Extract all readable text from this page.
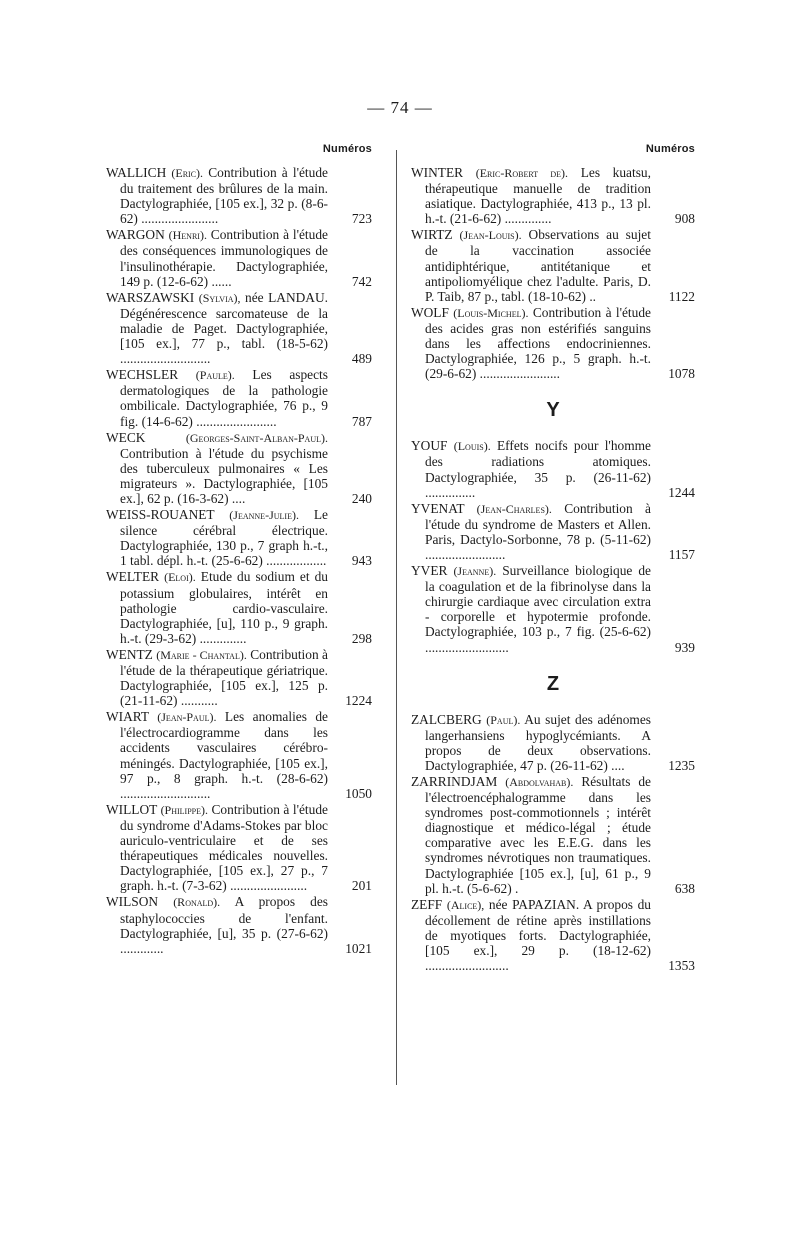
— 74 —
Numéros
WALLICH (Eric). Contribution à l'étude du traitement des brûlures de la main. Dactylographiée, [105 ex.], 32 p. (8-6-62) .......................	723
WARGON (Henri). Contribution à l'étude des conséquences immunologiques de l'insulinothérapie. Dactylographiée, 149 p. (12-6-62) ......	742
WARSZAWSKI (Sylvia), née LANDAU. Dégénérescence sarcomateuse de la maladie de Paget. Dactylographiée, [105 ex.], 77 p., tabl. (18-5-62) ...........................	489
WECHSLER (Paule). Les aspects dermatologiques de la pathologie ombilicale. Dactylographiée, 76 p., 9 fig. (14-6-62) ........................	787
WECK	(Georges-Saint-Alban-Paul). Contribution à l'étude du psychisme des tuberculeux pulmonaires « Les migrateurs ». Dactylographiée, [105 ex.], 62 p. (16-3-62) ....	240
WEISS-ROUANET (Jeanne-Julie). Le silence cérébral électrique. Dactylographiée, 130 p., 7 graph h.-t., 1 tabl. dépl. h.-t. (25-6-62) .................. 943
WELTER (Eloi). Etude du sodium et du potassium globulaires, intérêt en pathologie cardio-vasculaire. Dactylographiée, [u], 110 p., 9 graph. h.-t. (29-3-62) ..............	298
WENTZ (Marie - Chantal). Contribution à l'étude de la thérapeutique gériatrique. Dactylographiée, [105 ex.], 125 p. (21-11-62) ...........	1224
WIART (Jean-Paul). Les anomalies de l'électrocardiogramme dans les accidents vasculaires cérébro-méningés. Dactylographiée, [105 ex.], 97 p., 8 graph. h.-t. (28-6-62) ...........................	1050
WILLOT (Philippe). Contribution à l'étude du syndrome d'Adams-Stokes par bloc auriculo-ventriculaire et de ses thérapeutiques médicales nouvelles. Dactylographiée, [105 ex.], 27 p., 7 graph. h.-t. (7-3-62) .......................	201
WILSON (Ronald). A propos des staphylococcies de l'enfant. Dactylographiée, [u], 35 p. (27-6-62) .............	1021
Numéros
WINTER (Eric-Robert de). Les kuatsu, thérapeutique manuelle de tradition asiatique. Dactylographiée, 413 p., 13 pl. h.-t. (21-6-62) ..............	908
WIRTZ (Jean-Louis). Observations au sujet de la vaccination associée antidiphtérique, antitétanique et antipoliomyélique chez l'adulte. Paris, D. P. Taib, 87 p., tabl. (18-10-62) ..	1122
WOLF (Louis-Michel). Contribution à l'étude des acides gras non estérifiés sanguins dans les affections endocriniennes. Dactylographiée, 126 p., 5 graph. h.-t. (29-6-62) ........................	1078
Y
YOUF (Louis). Effets nocifs pour l'homme des radiations atomiques. Dactylographiée, 35 p. (26-11-62) ...............	1244
YVENAT (Jean-Charles). Contribution à l'étude du syndrome de Masters et Allen. Paris, Dactylo-Sorbonne, 78 p. (5-11-62) ........................	1157
YVER (Jeanne). Surveillance biologique de la coagulation et de la fibrinolyse dans la chirurgie cardiaque avec circulation extra - corporelle et hypotermie profonde. Dactylographiée, 103 p., 7 fig. (25-6-62) .........................	939
Z
ZALCBERG (Paul). Au sujet des adénomes langerhansiens hypoglycémiants. A propos de deux observations. Dactylographiée, 47 p. (26-11-62) ....	1235
ZARRINDJAM (Abdolvahab). Résultats de l'électroencéphalogramme dans les syndromes post-commotionnels ; intérêt diagnostique et médico-légal ; étude comparative avec les E.E.G. dans les syndromes névrotiques non traumatiques. Dactylographiée [105 ex.], [u], 61 p., 9 pl. h.-t. (5-6-62) .	638
ZEFF (Alice), née PAPAZIAN. A propos du décollement de rétine après instillations de myotiques forts. Dactylographiée, [105 ex.], 29 p. (18-12-62) .........................	1353
